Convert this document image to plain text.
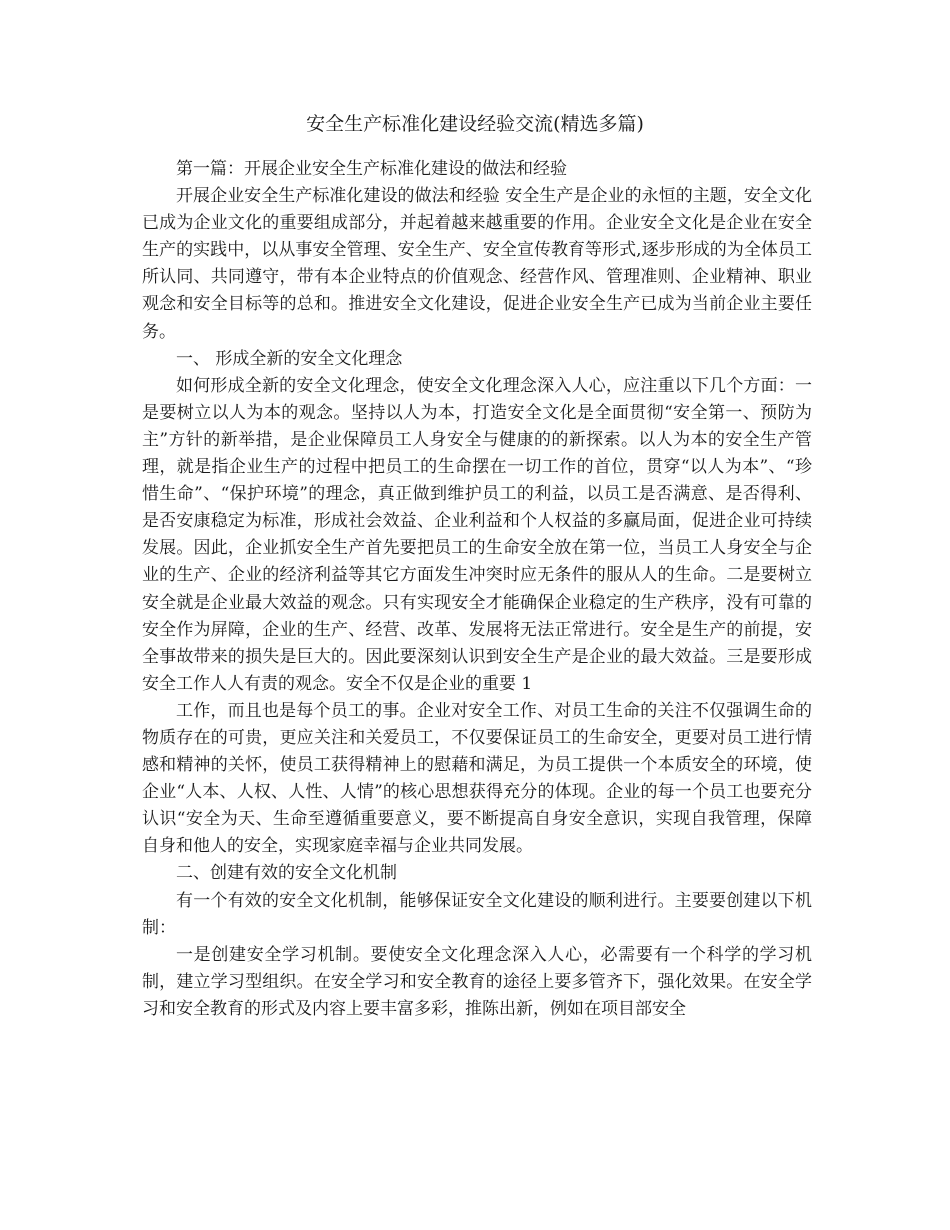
安全生产标准化建设经验交流(精选多篇)

第一篇：开展企业安全生产标准化建设的做法和经验

开展企业安全生产标准化建设的做法和经验 安全生产是企业的永恒的主题，安全文化已成为企业文化的重要组成部分，并起着越来越重要的作用。企业安全文化是企业在安全生产的实践中，以从事安全管理、安全生产、安全宣传教育等形式,逐步形成的为全体员工所认同、共同遵守，带有本企业特点的价值观念、经营作风、管理准则、企业精神、职业观念和安全目标等的总和。推进安全文化建设，促进企业安全生产已成为当前企业主要任务。

一、 形成全新的安全文化理念

如何形成全新的安全文化理念，使安全文化理念深入人心，应注重以下几个方面：一是要树立以人为本的观念。坚持以人为本，打造安全文化是全面贯彻“安全第一、预防为主”方针的新举措，是企业保障员工人身安全与健康的的新探索。以人为本的安全生产管理，就是指企业生产的过程中把员工的生命摆在一切工作的首位，贯穿“以人为本”、“珍惜生命”、“保护环境”的理念，真正做到维护员工的利益，以员工是否满意、是否得利、是否安康稳定为标准，形成社会效益、企业利益和个人权益的多赢局面，促进企业可持续发展。因此，企业抓安全生产首先要把员工的生命安全放在第一位，当员工人身安全与企业的生产、企业的经济利益等其它方面发生冲突时应无条件的服从人的生命。二是要树立安全就是企业最大效益的观念。只有实现安全才能确保企业稳定的生产秩序，没有可靠的安全作为屏障，企业的生产、经营、改革、发展将无法正常进行。安全是生产的前提，安全事故带来的损失是巨大的。因此要深刻认识到安全生产是企业的最大效益。三是要形成安全工作人人有责的观念。安全不仅是企业的重要 1

工作，而且也是每个员工的事。企业对安全工作、对员工生命的关注不仅强调生命的物质存在的可贵，更应关注和关爱员工，不仅要保证员工的生命安全，更要对员工进行情感和精神的关怀，使员工获得精神上的慰藉和满足，为员工提供一个本质安全的环境，使企业“人本、人权、人性、人情”的核心思想获得充分的体现。企业的每一个员工也要充分认识“安全为天、生命至遵循重要意义，要不断提高自身安全意识，实现自我管理，保障自身和他人的安全，实现家庭幸福与企业共同发展。

二、创建有效的安全文化机制

有一个有效的安全文化机制，能够保证安全文化建设的顺利进行。主要要创建以下机制：

一是创建安全学习机制。要使安全文化理念深入人心，必需要有一个科学的学习机制，建立学习型组织。在安全学习和安全教育的途径上要多管齐下，强化效果。在安全学习和安全教育的形式及内容上要丰富多彩，推陈出新，例如在项目部安全
